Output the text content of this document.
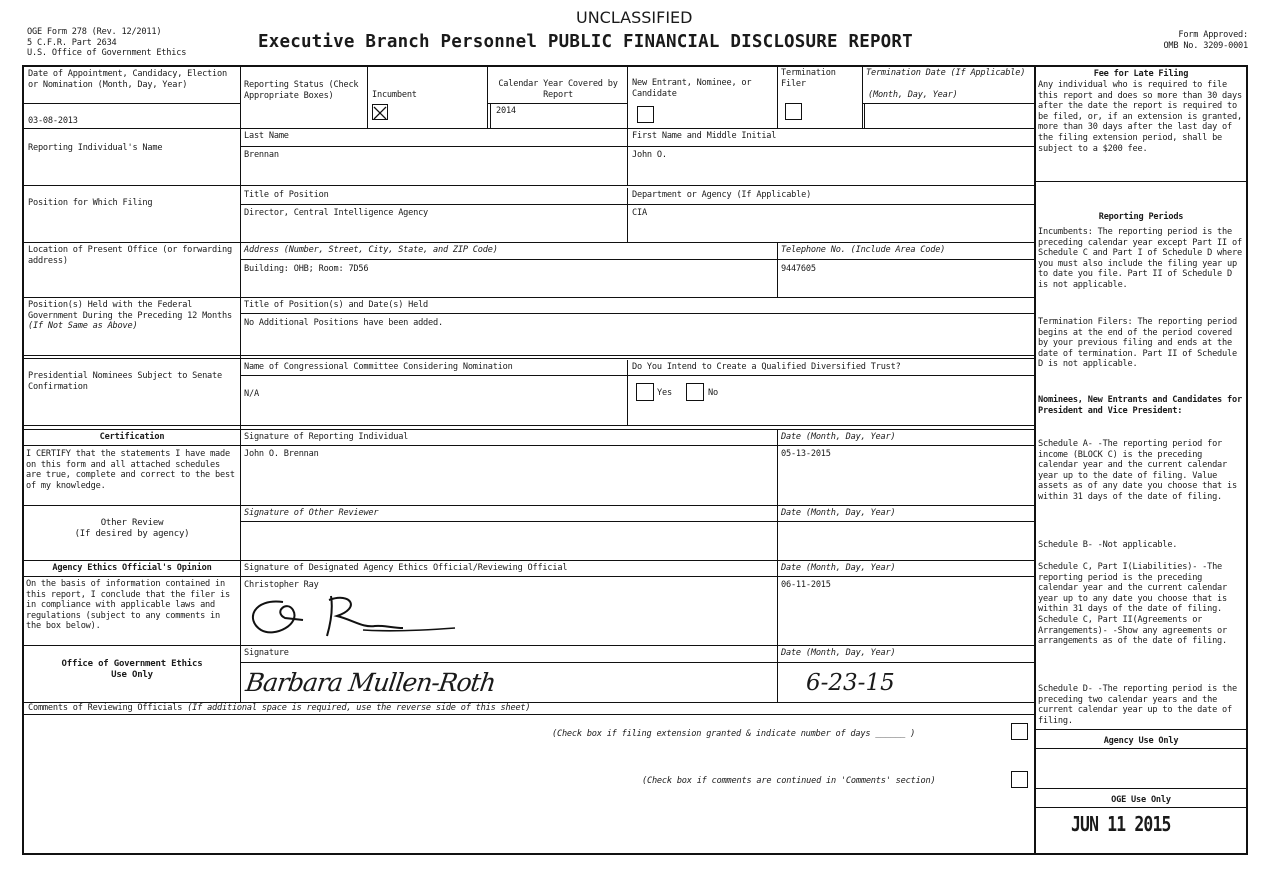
UNCLASSIFIED
OGE Form 278 (Rev. 12/2011)
5 C.F.R. Part 2634
U.S. Office of Government Ethics
Executive Branch Personnel PUBLIC FINANCIAL DISCLOSURE REPORT	Form Approved:
OMB No. 3209-0001
Date of Appointment, Candidacy, Election or Nomination (Month, Day, Year)
03-08-2013
Reporting Status (Check Appropriate Boxes)	Incumbent
Calendar Year Covered by Report
2014
New Entrant, Nominee, or Candidate
Termination Filer
Termination Date (If Applicable)
(Month, Day, Year)
Reporting Individual's Name
Last Name
Brennan
First Name and Middle Initial
John O.
Position for Which Filing
Title of Position
Director, Central Intelligence Agency
Department or Agency (If Applicable)
CIA
Location of Present Office (or forwarding address)
Address (Number, Street, City, State, and ZIP Code)
Building: OHB; Room: 7D56
Telephone No. (Include Area Code)
9447605
Position(s) Held with the Federal Government During the Preceding 12 Months (If Not Same as Above)
Title of Position(s) and Date(s) Held
No Additional Positions have been added.
Presidential Nominees Subject to Senate Confirmation
Name of Congressional Committee Considering Nomination
N/A
Do You Intend to Create a Qualified Diversified Trust?
Yes	No
Certification
I CERTIFY that the statements I have made on this form and all attached schedules are true, complete and correct to the best of my knowledge.
Signature of Reporting Individual
John O. Brennan
Date (Month, Day, Year)
05-13-2015
Other Review
(If desired by agency)
Signature of Other Reviewer	Date (Month, Day, Year)
Agency Ethics Official's Opinion
On the basis of information contained in this report, I conclude that the filer is in compliance with applicable laws and regulations (subject to any comments in the box below).
Signature of Designated Agency Ethics Official/Reviewing Official
Christopher Ray
Date (Month, Day, Year)
06-11-2015
Office of Government Ethics
Use Only
Signature
Barbara Mullen-Roth
Date (Month, Day, Year)
6-23-15
Comments of Reviewing Officials (If additional space is required, use the reverse side of this sheet)
(Check box if filing extension granted & indicate number of days ______ )
(Check box if comments are continued in 'Comments' section)
Fee for Late Filing
Any individual who is required to file this report and does so more than 30 days after the date the report is required to be filed, or, if an extension is granted, more than 30 days after the last day of the filing extension period, shall be subject to a $200 fee.
Reporting Periods
Incumbents: The reporting period is the preceding calendar year except Part II of Schedule C and Part I of Schedule D where you must also include the filing year up to date you file. Part II of Schedule D is not applicable.
Termination Filers: The reporting period begins at the end of the period covered by your previous filing and ends at the date of termination. Part II of Schedule D is not applicable.
Nominees, New Entrants and Candidates for President and Vice President:
Schedule A- -The reporting period for income (BLOCK C) is the preceding calendar year and the current calendar year up to the date of filing. Value assets as of any date you choose that is within 31 days of the date of filing.
Schedule B- -Not applicable.
Schedule C, Part I(Liabilities)- -The reporting period is the preceding calendar year and the current calendar year up to any date you choose that is within 31 days of the date of filing. Schedule C, Part II(Agreements or Arrangements)- -Show any agreements or arrangements as of the date of filing.
Schedule D- -The reporting period is the preceding two calendar years and the current calendar year up to the date of filing.
Agency Use Only
OGE Use Only
JUN 11 2015
